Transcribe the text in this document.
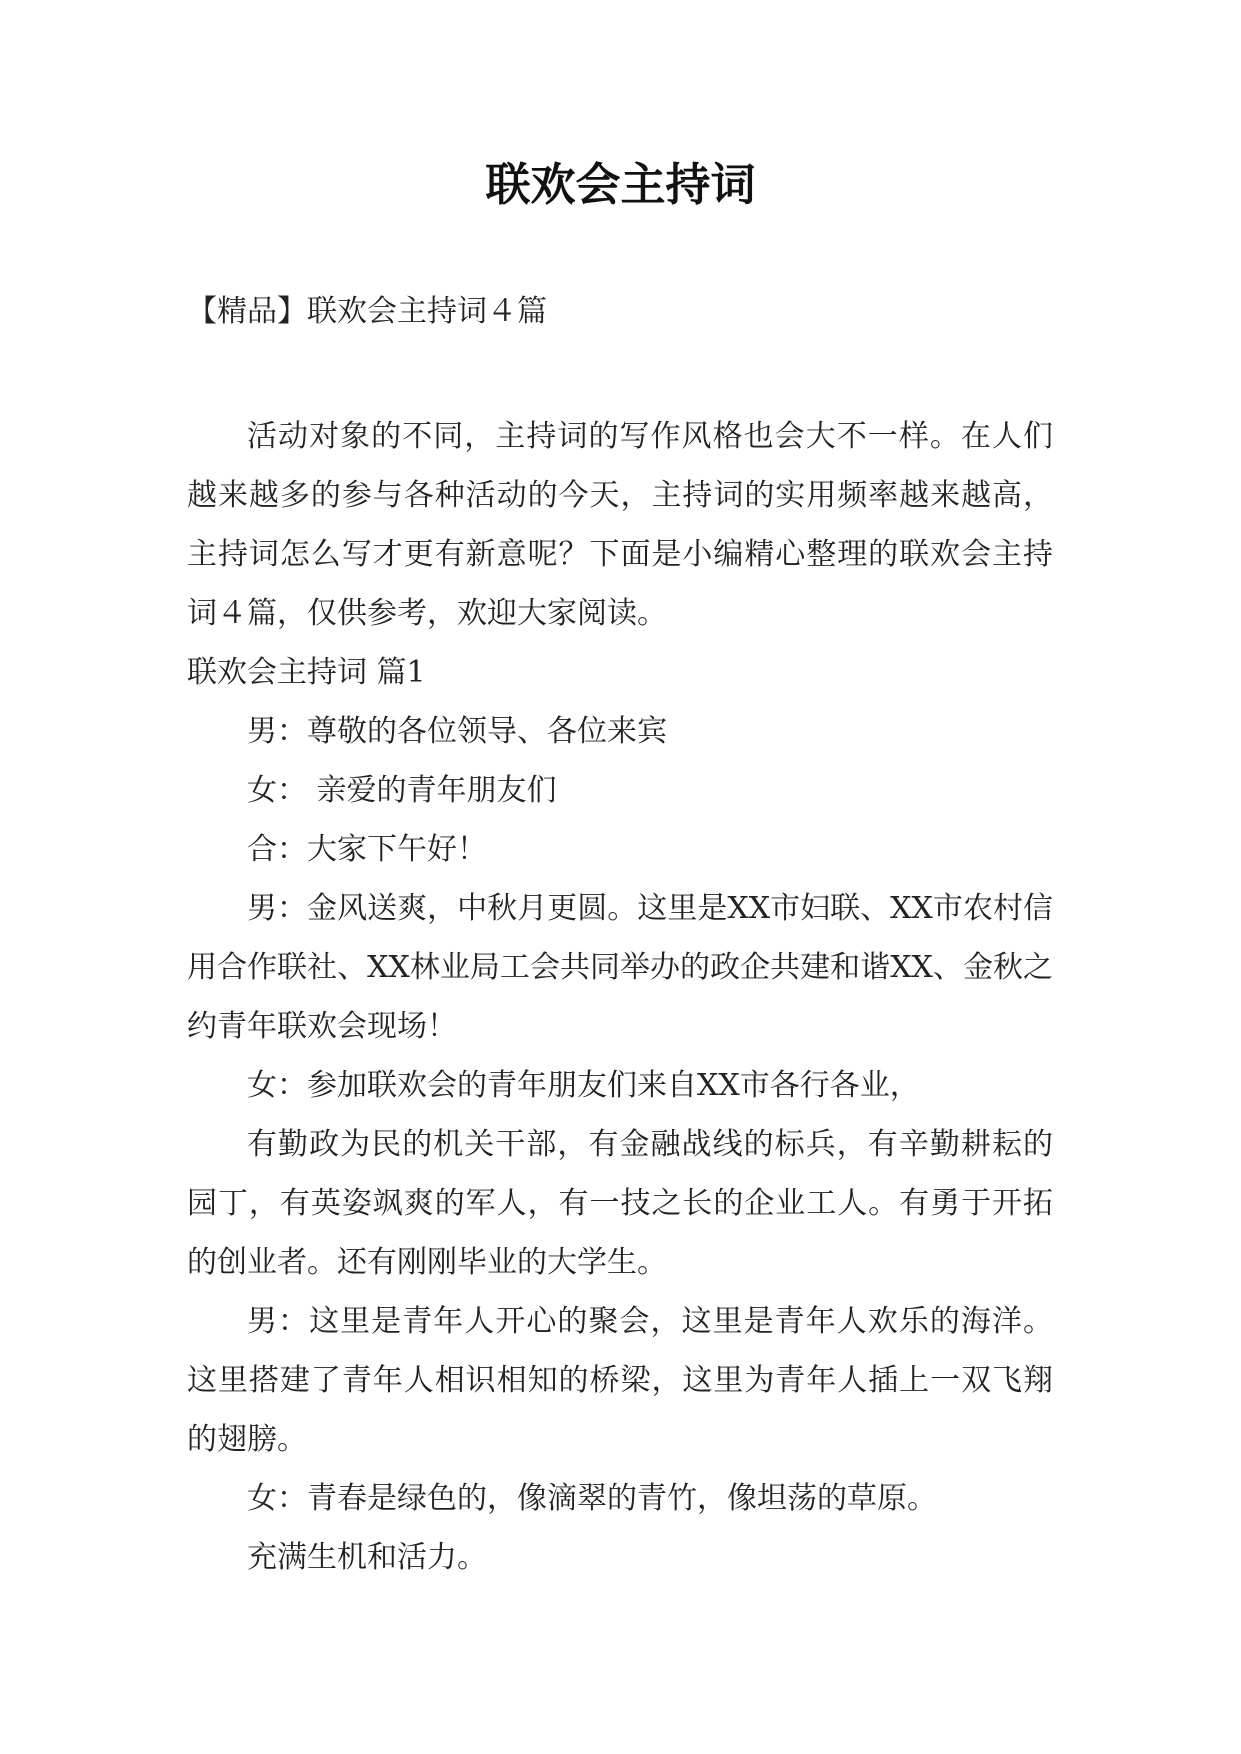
联欢会主持词

【精品】联欢会主持词４篇

活动对象的不同，主持词的写作风格也会大不一样。在人们越来越多的参与各种活动的今天，主持词的实用频率越来越高，主持词怎么写才更有新意呢？下面是小编精心整理的联欢会主持词４篇，仅供参考，欢迎大家阅读。

联欢会主持词 篇1

男：尊敬的各位领导、各位来宾

女： 亲爱的青年朋友们

合：大家下午好！

男：金风送爽，中秋月更圆。这里是XX市妇联、XX市农村信用合作联社、XX林业局工会共同举办的政企共建和谐XX、金秋之约青年联欢会现场！

女：参加联欢会的青年朋友们来自XX市各行各业，

有勤政为民的机关干部，有金融战线的标兵，有辛勤耕耘的园丁，有英姿飒爽的军人，有一技之长的企业工人。有勇于开拓的创业者。还有刚刚毕业的大学生。

男：这里是青年人开心的聚会，这里是青年人欢乐的海洋。这里搭建了青年人相识相知的桥梁，这里为青年人插上一双飞翔的翅膀。

女：青春是绿色的，像滴翠的青竹，像坦荡的草原。

充满生机和活力。
